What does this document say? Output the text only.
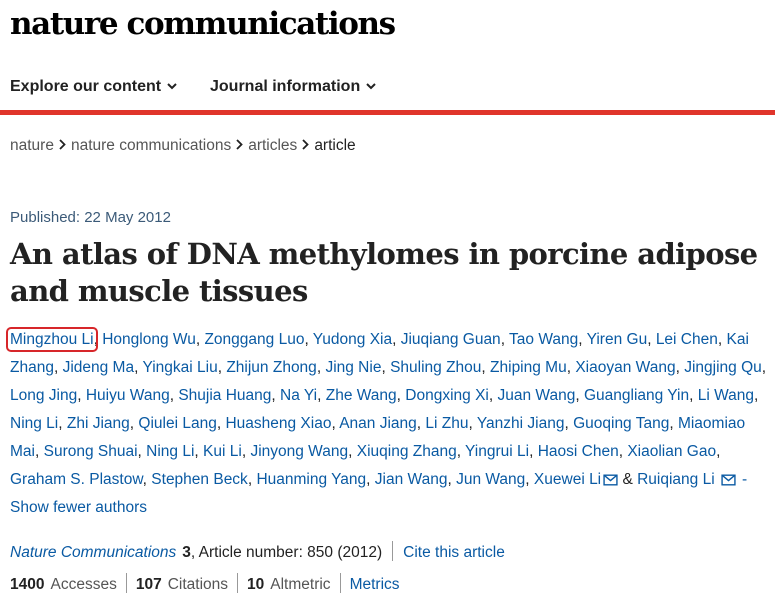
nature communications
Explore our content	Journal information
nature nature communications articles article
Published: 22 May 2012
An atlas of DNA methylomes in porcine adipose and muscle tissues
Mingzhou Li, Honglong Wu, Zonggang Luo, Yudong Xia, Jiuqiang Guan, Tao Wang, Yiren Gu, Lei Chen, Kai Zhang, Jideng Ma, Yingkai Liu, Zhijun Zhong, Jing Nie, Shuling Zhou, Zhiping Mu, Xiaoyan Wang, Jingjing Qu, Long Jing, Huiyu Wang, Shujia Huang, Na Yi, Zhe Wang, Dongxing Xi, Juan Wang, Guangliang Yin, Li Wang, Ning Li, Zhi Jiang, Qiulei Lang, Huasheng Xiao, Anan Jiang, Li Zhu, Yanzhi Jiang, Guoqing Tang, Miaomiao Mai, Surong Shuai, Ning Li, Kui Li, Jinyong Wang, Xiuqing Zhang, Yingrui Li, Haosi Chen, Xiaolian Gao, Graham S. Plastow, Stephen Beck, Huanming Yang, Jian Wang, Jun Wang, Xuewei Li & Ruiqiang Li -Show fewer authors
Nature Communications 3, Article number: 850 (2012) Cite this article
1400 Accesses 107 Citations 10 Altmetric Metrics
